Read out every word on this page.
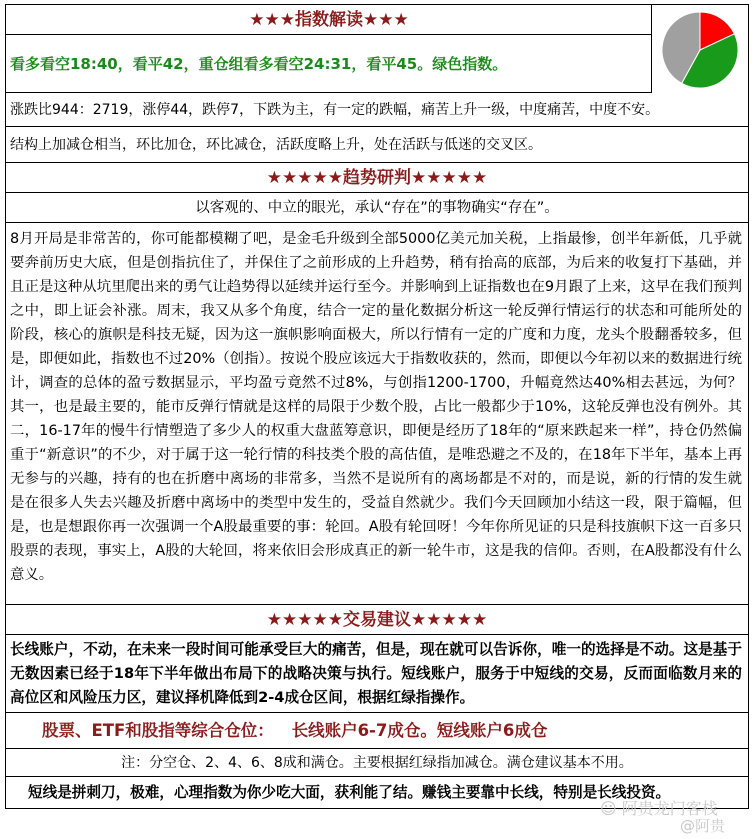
★★★指数解读★★★
看多看空18:40，看平42，重仓组看多看空24:31，看平45。绿色指数。
涨跌比944：2719，涨停44，跌停7，下跌为主，有一定的跌幅，痛苦上升一级，中度痛苦，中度不安。
结构上加减仓相当，环比加仓，环比减仓，活跃度略上升，处在活跃与低迷的交叉区。
★★★★★趋势研判★★★★★
以客观的、中立的眼光，承认“存在”的事物确实“存在”。
8月开局是非常苦的，你可能都模糊了吧，是金毛升级到全部5000亿美元加关税，上指最惨，创半年新低，几乎就要奔前历史大底，但是创指抗住了，并保住了之前形成的上升趋势，稍有抬高的底部，为后来的收复打下基础，并且正是这种从坑里爬出来的勇气让趋势得以延续并运行至今。并影响到上证指数也在9月跟了上来，这早在我们预判之中，即上证会补涨。周末，我又从多个角度，结合一定的量化数据分析这一轮反弹行情运行的状态和可能所处的阶段，核心的旗帜是科技无疑，因为这一旗帜影响面极大，所以行情有一定的广度和力度，龙头个股翻番较多，但是，即便如此，指数也不过20%（创指）。按说个股应该远大于指数收获的，然而，即便以今年初以来的数据进行统计，调查的总体的盈亏数据显示，平均盈亏竟然不过8%，与创指1200-1700，升幅竟然达40%相去甚远，为何？其一，也是最主要的，能市反弹行情就是这样的局限于少数个股，占比一般都少于10%，这轮反弹也没有例外。其二，16-17年的慢牛行情塑造了多少人的权重大盘蓝筹意识，即便是经历了18年的“原来跌起来一样”，持仓仍然偏重于“新意识”的不少，对于属于这一轮行情的科技类个股的高估值，是唯恐避之不及的，在18年下半年，基本上再无参与的兴趣，持有的也在折磨中离场的非常多，当然不是说所有的离场都是不对的，而是说，新的行情的发生就是在很多人失去兴趣及折磨中离场中的类型中发生的，受益自然就少。我们今天回顾加小结这一段，限于篇幅，但是，也是想跟你再一次强调一个A股最重要的事：轮回。A股有轮回呀！今年你所见证的只是科技旗帜下这一百多只股票的表现，事实上，A股的大轮回，将来依旧会形成真正的新一轮牛市，这是我的信仰。否则，在A股都没有什么意义。
★★★★★交易建议★★★★★
长线账户，不动，在未来一段时间可能承受巨大的痛苦，但是，现在就可以告诉你，唯一的选择是不动。这是基于无数因素已经于18年下半年做出布局下的战略决策与执行。短线账户，服务于中短线的交易，反而面临数月来的高位区和风险压力区，建议择机降低到2-4成仓区间，根据红绿指操作。
股票、ETF和股指等综合仓位： 长线账户6-7成仓。短线账户6成仓
注：分空仓、2、4、6、8成和满仓。主要根据红绿指加减仓。满仓建议基本不用。
短线是拼刺刀，极难，心理指数为你少吃大面，获利能了结。赚钱主要靠中长线，特别是长线投资。
☺ 阿贵龙门客栈
@阿贵
